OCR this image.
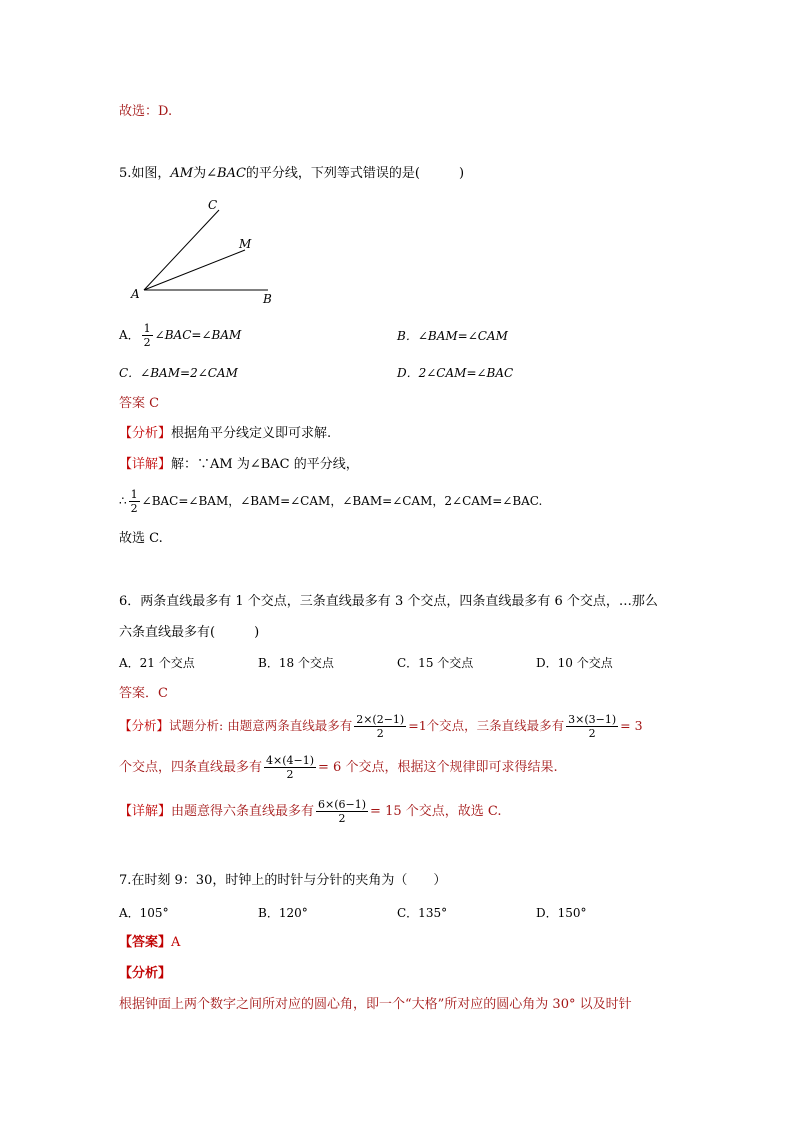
故选：D.
5.如图，AM为∠BAC的平分线，下列等式错误的是(　　　)
C
M
A	B
A． $\frac{1}{2}$ ∠BAC=∠BAM	B．∠BAM=∠CAM
C．∠BAM=2∠CAM	D．2∠CAM=∠BAC
答案 C
【分析】根据角平分线定义即可求解.
【详解】解：∵AM 为∠BAC 的平分线，
∴ $\frac{1}{2}$ ∠BAC=∠BAM，∠BAM=∠CAM，∠BAM=∠CAM，2∠CAM=∠BAC.
故选 C.
6．两条直线最多有 1 个交点，三条直线最多有 3 个交点，四条直线最多有 6 个交点，…那么
六条直线最多有(　　　)
A．21 个交点	B．18 个交点	C．15 个交点	D．10 个交点
答案．C
【分析】试题分析: 由题意两条直线最多有 $\frac{2\times(2-1)}{2} =1$个交点，三条直线最多有 $\frac{3\times(3-1)}{2} = 3$
个交点，四条直线最多有 $\frac{4\times(4-1)}{2} = 6$ 个交点，根据这个规律即可求得结果.
【详解】由题意得六条直线最多有 $\frac{6\times(6-1)}{2} = 15$ 个交点，故选 C.
7.在时刻 9：30，时钟上的时针与分针的夹角为（　　）
A．105°	B．120°	C．135°	D．150°
【答案】A
【分析】
根据钟面上两个数字之间所对应的圆心角，即一个“大格”所对应的圆心角为 30° 以及时针
